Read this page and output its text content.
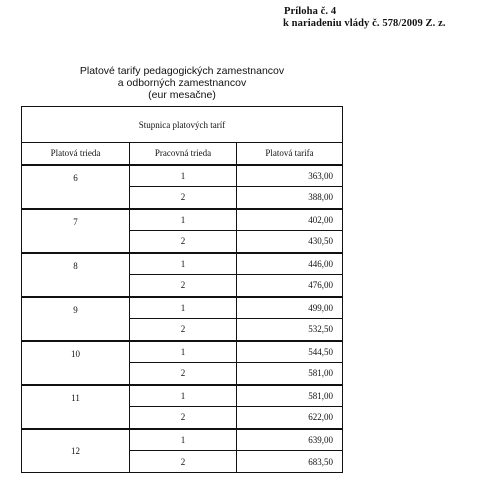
Príloha č. 4
k nariadeniu vlády č. 578/2009 Z. z.
Platové tarify pedagogických zamestnancov
a odborných zamestnancov
(eur mesačne)
Stupnica platových taríf		
Platová trieda	Pracovná trieda	Platová tarifa
6	1	363,00
	2	388,00
7	1	402,00
	2	430,50
8	1	446,00
	2	476,00
9	1	499,00
	2	532,50
10	1	544,50
	2	581,00
11	1	581,00
	2	622,00
12	1	639,00
	2	683,50
